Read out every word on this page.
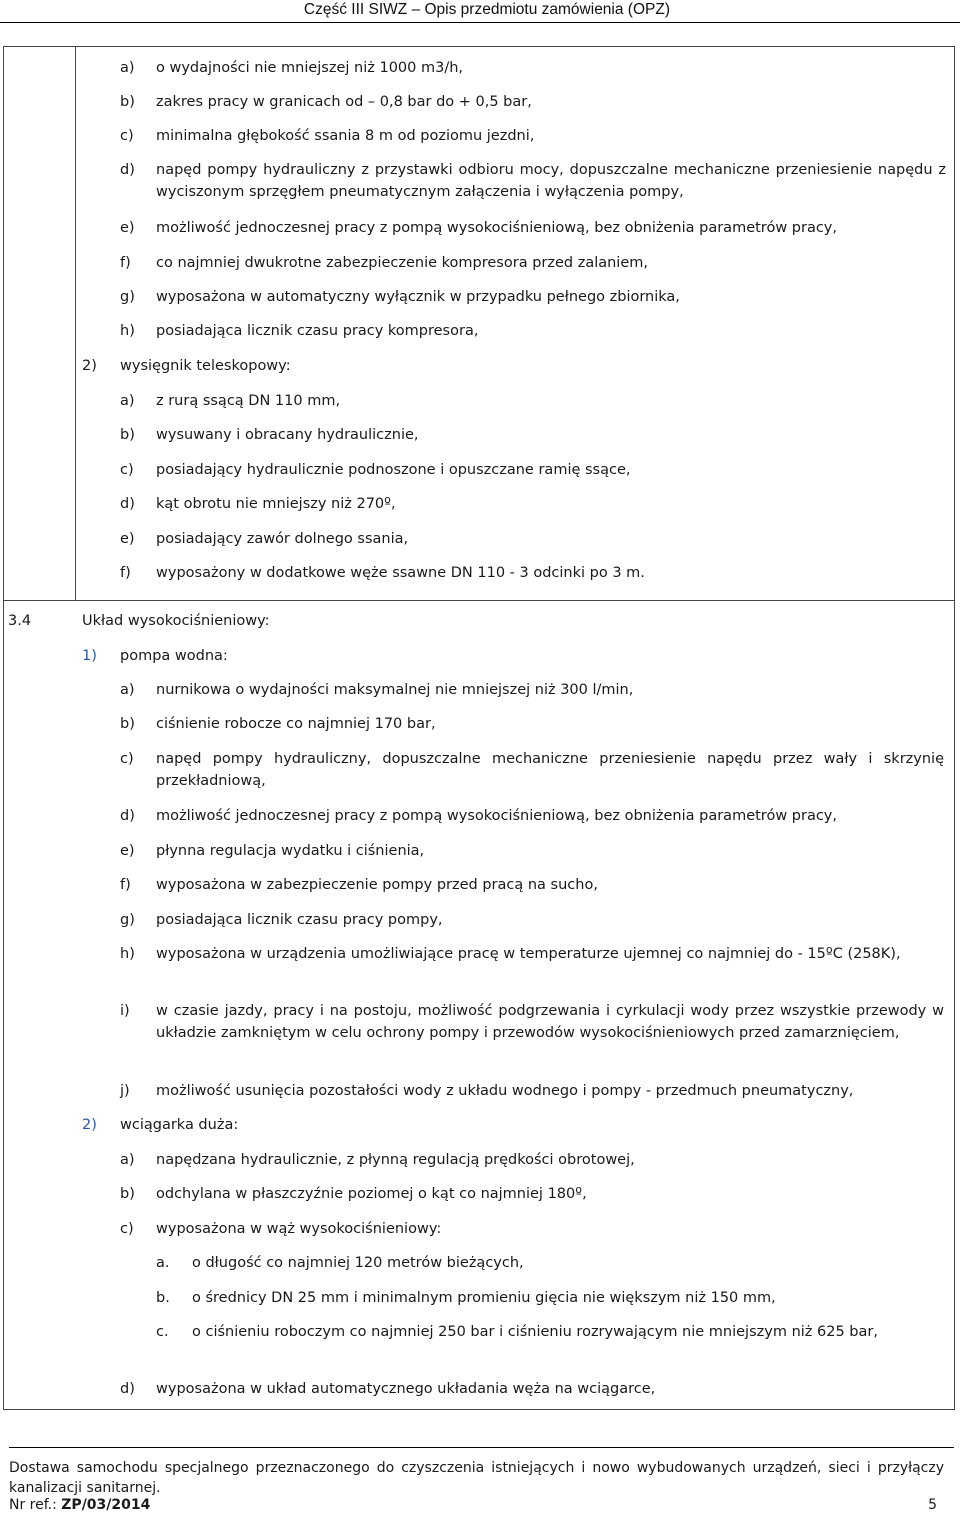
Część III SIWZ – Opis przedmiotu zamówienia (OPZ)
a) o wydajności nie mniejszej niż 1000 m3/h,
b) zakres pracy w granicach od – 0,8 bar do + 0,5 bar,
c) minimalna głębokość ssania 8 m od poziomu jezdni,
d) napęd pompy hydrauliczny z przystawki odbioru mocy, dopuszczalne mechaniczne przeniesienie napędu z wyciszonym sprzęgłem pneumatycznym załączenia i wyłączenia pompy,
e) możliwość jednoczesnej pracy z pompą wysokociśnieniową, bez obniżenia parametrów pracy,
f) co najmniej dwukrotne zabezpieczenie kompresora przed zalaniem,
g) wyposażona w automatyczny wyłącznik w przypadku pełnego zbiornika,
h) posiadająca licznik czasu pracy kompresora,
2) wysięgnik teleskopowy:
a) z rurą ssącą DN 110 mm,
b) wysuwany i obracany hydraulicznie,
c) posiadający hydraulicznie podnoszone i opuszczane ramię ssące,
d) kąt obrotu nie mniejszy niż 270º,
e) posiadający zawór dolnego ssania,
f) wyposażony w dodatkowe węże ssawne DN 110 - 3 odcinki po 3 m.
3.4	Układ wysokociśnieniowy:
1) pompa wodna:
a) nurnikowa o wydajności maksymalnej nie mniejszej niż 300 l/min,
b) ciśnienie robocze co najmniej 170 bar,
c) napęd pompy hydrauliczny, dopuszczalne mechaniczne przeniesienie napędu przez wały i skrzynię przekładniową,
d) możliwość jednoczesnej pracy z pompą wysokociśnieniową, bez obniżenia parametrów pracy,
e) płynna regulacja wydatku i ciśnienia,
f) wyposażona w zabezpieczenie pompy przed pracą na sucho,
g) posiadająca licznik czasu pracy pompy,
h) wyposażona w urządzenia umożliwiające pracę w temperaturze ujemnej co najmniej do - 15ºC (258K),
i) w czasie jazdy, pracy i na postoju, możliwość podgrzewania i cyrkulacji wody przez wszystkie przewody w układzie zamkniętym w celu ochrony pompy i przewodów wysokociśnieniowych przed zamarznięciem,
j) możliwość usunięcia pozostałości wody z układu wodnego i pompy - przedmuch pneumatyczny,
2) wciągarka duża:
a) napędzana hydraulicznie, z płynną regulacją prędkości obrotowej,
b) odchylana w płaszczyźnie poziomej o kąt co najmniej 180º,
c) wyposażona w wąż wysokociśnieniowy:
a. o długość co najmniej 120 metrów bieżących,
b. o średnicy DN 25 mm i minimalnym promieniu gięcia nie większym niż 150 mm,
c. o ciśnieniu roboczym co najmniej 250 bar i ciśnieniu rozrywającym nie mniejszym niż 625 bar,
d) wyposażona w układ automatycznego układania węża na wciągarce,
Dostawa samochodu specjalnego przeznaczonego do czyszczenia istniejących i nowo wybudowanych urządzeń, sieci i przyłączy kanalizacji sanitarnej.
Nr ref.: ZP/03/2014	5
